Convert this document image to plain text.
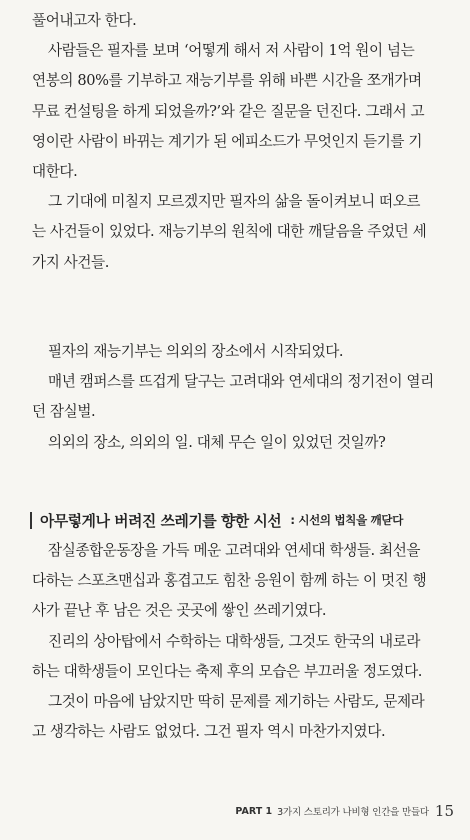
풀어내고자 한다.
사람들은 필자를 보며 ‘어떻게 해서 저 사람이 1억 원이 넘는
연봉의 80%를 기부하고 재능기부를 위해 바쁜 시간을 쪼개가며
무료 컨설팅을 하게 되었을까?’와 같은 질문을 던진다. 그래서 고
영이란 사람이 바뀌는 계기가 된 에피소드가 무엇인지 듣기를 기
대한다.
그 기대에 미칠지 모르겠지만 필자의 삶을 돌이켜보니 떠오르
는 사건들이 있었다. 재능기부의 원칙에 대한 깨달음을 주었던 세
가지 사건들.
필자의 재능기부는 의외의 장소에서 시작되었다.
매년 캠퍼스를 뜨겁게 달구는 고려대와 연세대의 정기전이 열리
던 잠실벌.
의외의 장소, 의외의 일. 대체 무슨 일이 있었던 것일까?
아무렇게나 버려진 쓰레기를 향한 시선 : 시선의 법칙을 깨닫다
잠실종합운동장을 가득 메운 고려대와 연세대 학생들. 최선을
다하는 스포츠맨십과 홍겹고도 힘찬 응원이 함께 하는 이 멋진 행
사가 끝난 후 남은 것은 곳곳에 쌓인 쓰레기였다.
진리의 상아탑에서 수학하는 대학생들, 그것도 한국의 내로라
하는 대학생들이 모인다는 축제 후의 모습은 부끄러울 정도였다.
그것이 마음에 남았지만 딱히 문제를 제기하는 사람도, 문제라
고 생각하는 사람도 없었다. 그건 필자 역시 마찬가지였다.
PART 1 3가지 스토리가 나비형 인간을 만들다 15
